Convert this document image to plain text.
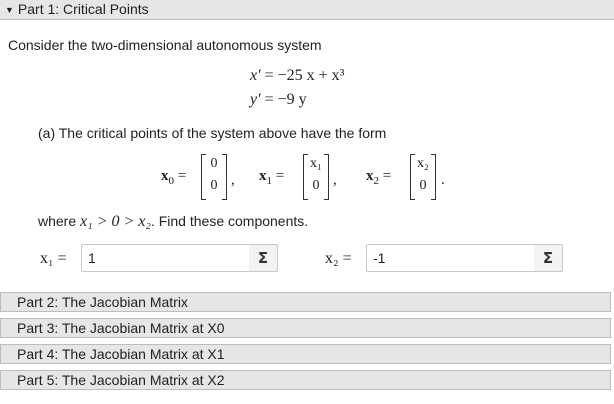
▼ Part 1: Critical Points
Consider the two-dimensional autonomous system
x′ = −25 x + x³
y′ = −9 y
(a) The critical points of the system above have the form
$x_0$ =
0
0 , $x_1$ =
x₁
0 , $x_2$ =
x₂
0 .
where x₁ > 0 > x₂. Find these components.
x₁ =
1	Σ	x₂ =
-1	Σ
Part 2: The Jacobian Matrix
Part 3: The Jacobian Matrix at X0
Part 4: The Jacobian Matrix at X1
Part 5: The Jacobian Matrix at X2
